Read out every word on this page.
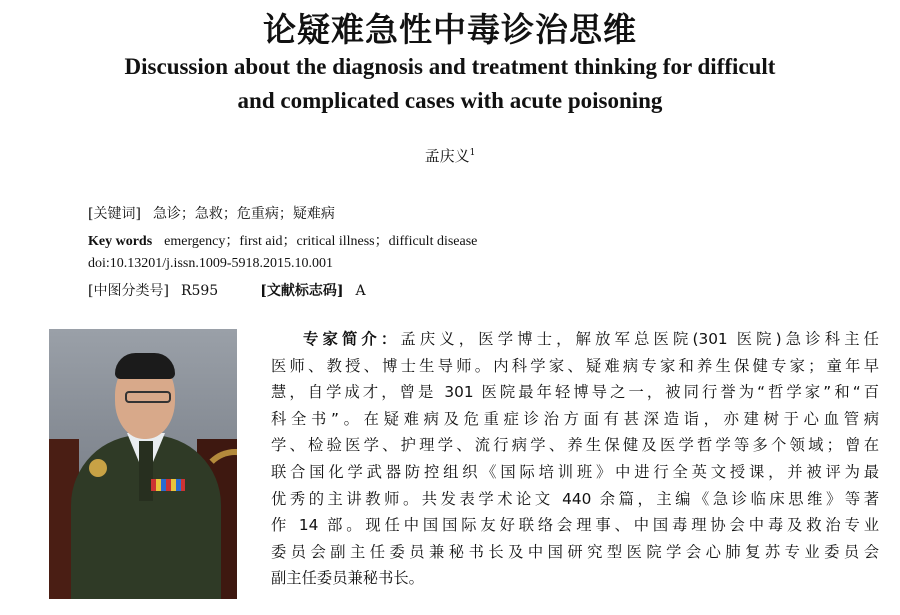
论疑难急性中毒诊治思维
Discussion about the diagnosis and treatment thinking for difficult
and complicated cases with acute poisoning
孟庆义$^1$
[关键词] 急诊；急救；危重病；疑难病
Key words emergency；first aid；critical illness；difficult disease
doi:10.13201/j.issn.1009-5918.2015.10.001
[中图分类号] R595	[文献标志码] A
专家简介：孟庆义，医学博士，解放军总医院(301 医院)急诊科主任
医师、教授、博士生导师。内科学家、疑难病专家和养生保健专家；童年早
慧，自学成才，曾是 301 医院最年轻博导之一，被同行誉为“哲学家”和“百
科全书”。在疑难病及危重症诊治方面有甚深造诣，亦建树于心血管病
学、检验医学、护理学、流行病学、养生保健及医学哲学等多个领域；曾在
联合国化学武器防控组织《国际培训班》中进行全英文授课，并被评为最
优秀的主讲教师。共发表学术论文 440 余篇，主编《急诊临床思维》等著
作 14 部。现任中国国际友好联络会理事、中国毒理协会中毒及救治专业
委员会副主任委员兼秘书长及中国研究型医院学会心肺复苏专业委员会
副主任委员兼秘书长。
